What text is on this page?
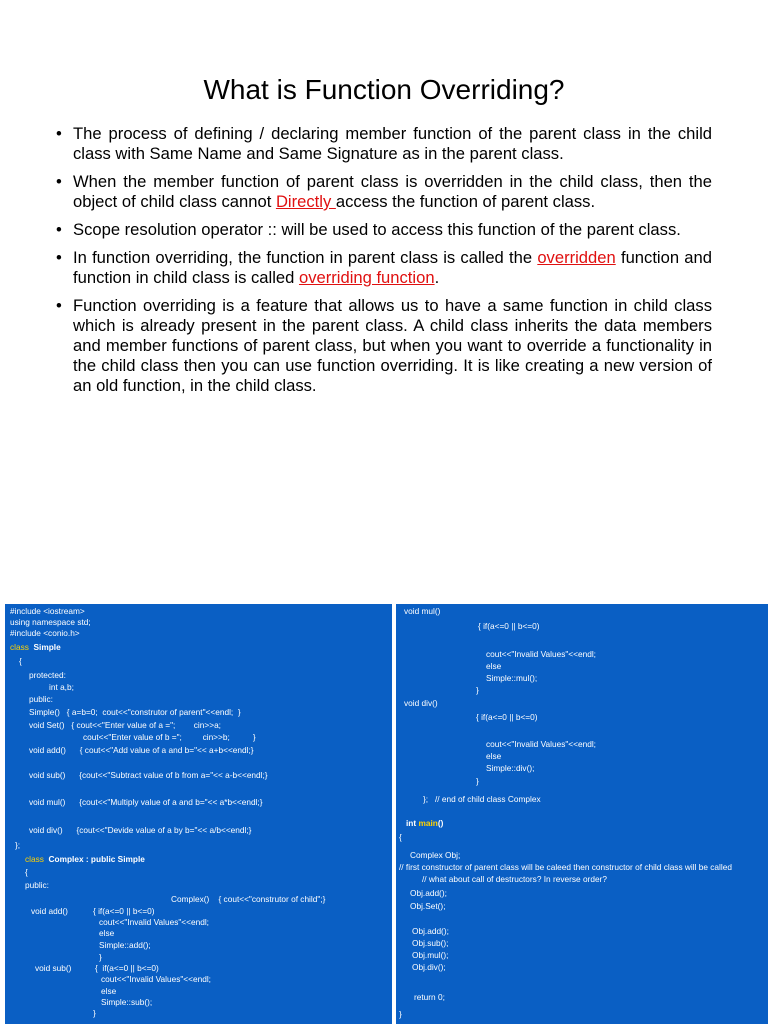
What is Function Overriding?
• The process of defining / declaring member function of the parent class in the child class with Same Name and Same Signature as in the parent class.
• When the member function of parent class is overridden in the child class, then the object of child class cannot Directly access the function of parent class.
• Scope resolution operator :: will be used to access this function of the parent class.
• In function overriding, the function in parent class is called the overridden function and function in child class is called overriding function.
• Function overriding is a feature that allows us to have a same function in child class which is already present in the parent class. A child class inherits the data members and member functions of parent class, but when you want to override a functionality in the child class then you can use function overriding. It is like creating a new version of an old function, in the child class.
#include <iostream>
using namespace std;
#include <conio.h>
class  Simple
{
protected:
int a,b;
public:
Simple()   { a=b=0;  cout<<"construtor of parent"<<endl;  }
void Set()   { cout<<"Enter value of a =";        cin>>a;
cout<<"Enter value of b =";         cin>>b;          }
void add()      { cout<<"Add value of a and b="<< a+b<<endl;}
void sub()      {cout<<"Subtract value of b from a="<< a-b<<endl;}
void mul()      {cout<<"Multiply value of a and b="<< a*b<<endl;}
void div()      {cout<<"Devide value of a by b="<< a/b<<endl;}
};
class  Complex : public Simple
{
public:
Complex()    { cout<<"construtor of child";}
void add()	{ if(a<=0 || b<=0)
cout<<"Invalid Values"<<endl;
else
Simple::add();
}
void sub()	{  if(a<=0 || b<=0)
cout<<"Invalid Values"<<endl;
else
Simple::sub();
}
void mul()
{ if(a<=0 || b<=0)
cout<<"Invalid Values"<<endl;
else
Simple::mul();
}
void div()
{ if(a<=0 || b<=0)
cout<<"Invalid Values"<<endl;
else
Simple::div();
}
};   // end of child class Complex
int main()
{
Complex Obj;
// first constructor of parent class will be caleed then constructor of child class will be called
// what about call of destructors? In reverse order?
Obj.add();
Obj.Set();
Obj.add();
Obj.sub();
Obj.mul();
Obj.div();
return 0;
}
